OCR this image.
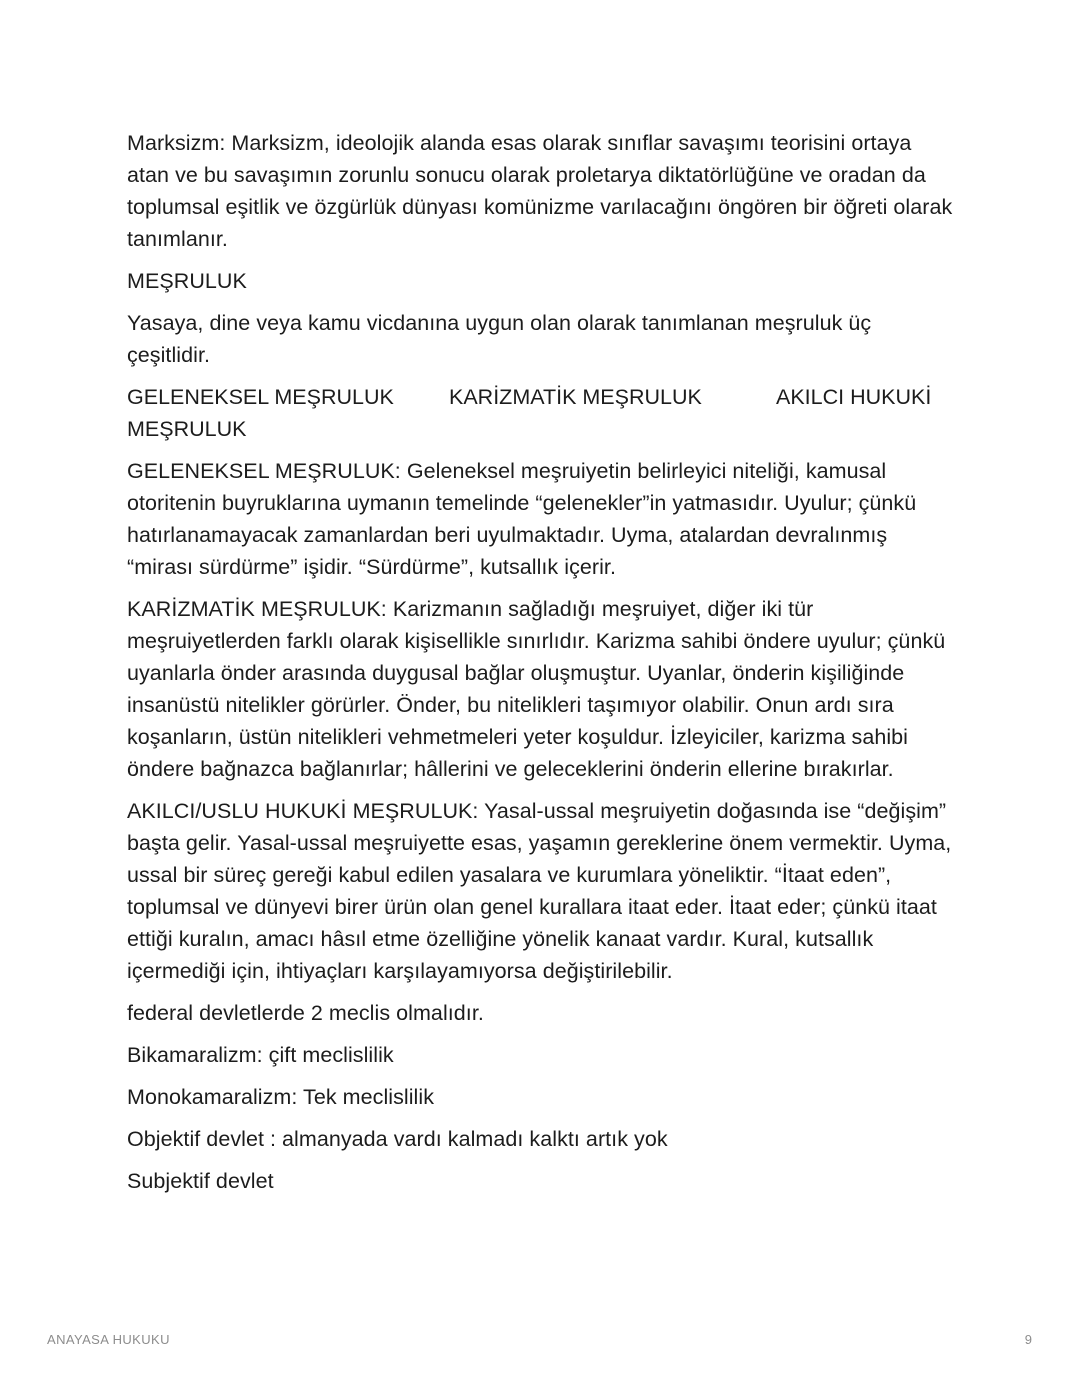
Marksizm: Marksizm, ideolojik alanda esas olarak sınıflar savaşımı teorisini ortaya atan ve bu savaşımın zorunlu sonucu olarak proletarya diktatörlüğüne ve oradan da toplumsal eşitlik ve özgürlük dünyası komünizme varılacağını öngören bir öğreti olarak tanımlanır.

MEŞRULUK

Yasaya, dine veya kamu vicdanına uygun olan olarak tanımlanan meşruluk üç çeşitlidir.

GELENEKSEL MEŞRULUK	KARİZMATİK MEŞRULUK	AKILCI HUKUKİ
MEŞRULUK

GELENEKSEL MEŞRULUK: Geleneksel meşruiyetin belirleyici niteliği, kamusal otoritenin buyruklarına uymanın temelinde “gelenekler”in yatmasıdır. Uyulur; çünkü hatırlanamayacak zamanlardan beri uyulmaktadır. Uyma, atalardan devralınmış “mirası sürdürme” işidir. “Sürdürme”, kutsallık içerir.

KARİZMATİK MEŞRULUK: Karizmanın sağladığı meşruiyet, diğer iki tür meşruiyetlerden farklı olarak kişisellikle sınırlıdır. Karizma sahibi öndere uyulur; çünkü uyanlarla önder arasında duygusal bağlar oluşmuştur. Uyanlar, önderin kişiliğinde insanüstü nitelikler görürler. Önder, bu nitelikleri taşımıyor olabilir. Onun ardı sıra koşanların, üstün nitelikleri vehmetmeleri yeter koşuldur. İzleyiciler, karizma sahibi öndere bağnazca bağlanırlar; hâllerini ve geleceklerini önderin ellerine bırakırlar.

AKILCI/USLU HUKUKİ MEŞRULUK: Yasal-ussal meşruiyetin doğasında ise “değişim” başta gelir. Yasal-ussal meşruiyette esas, yaşamın gereklerine önem vermektir. Uyma, ussal bir süreç gereği kabul edilen yasalara ve kurumlara yöneliktir. “İtaat eden”, toplumsal ve dünyevi birer ürün olan genel kurallara itaat eder. İtaat eder; çünkü itaat ettiği kuralın, amacı hâsıl etme özelliğine yönelik kanaat vardır. Kural, kutsallık içermediği için, ihtiyaçları karşılayamıyorsa değiştirilebilir.

federal devletlerde 2 meclis olmalıdır.

Bikamaralizm: çift meclislilik

Monokamaralizm: Tek meclislilik

Objektif devlet : almanyada vardı kalmadı kalktı artık yok

Subjektif devlet

ANAYASA HUKUKU	9
